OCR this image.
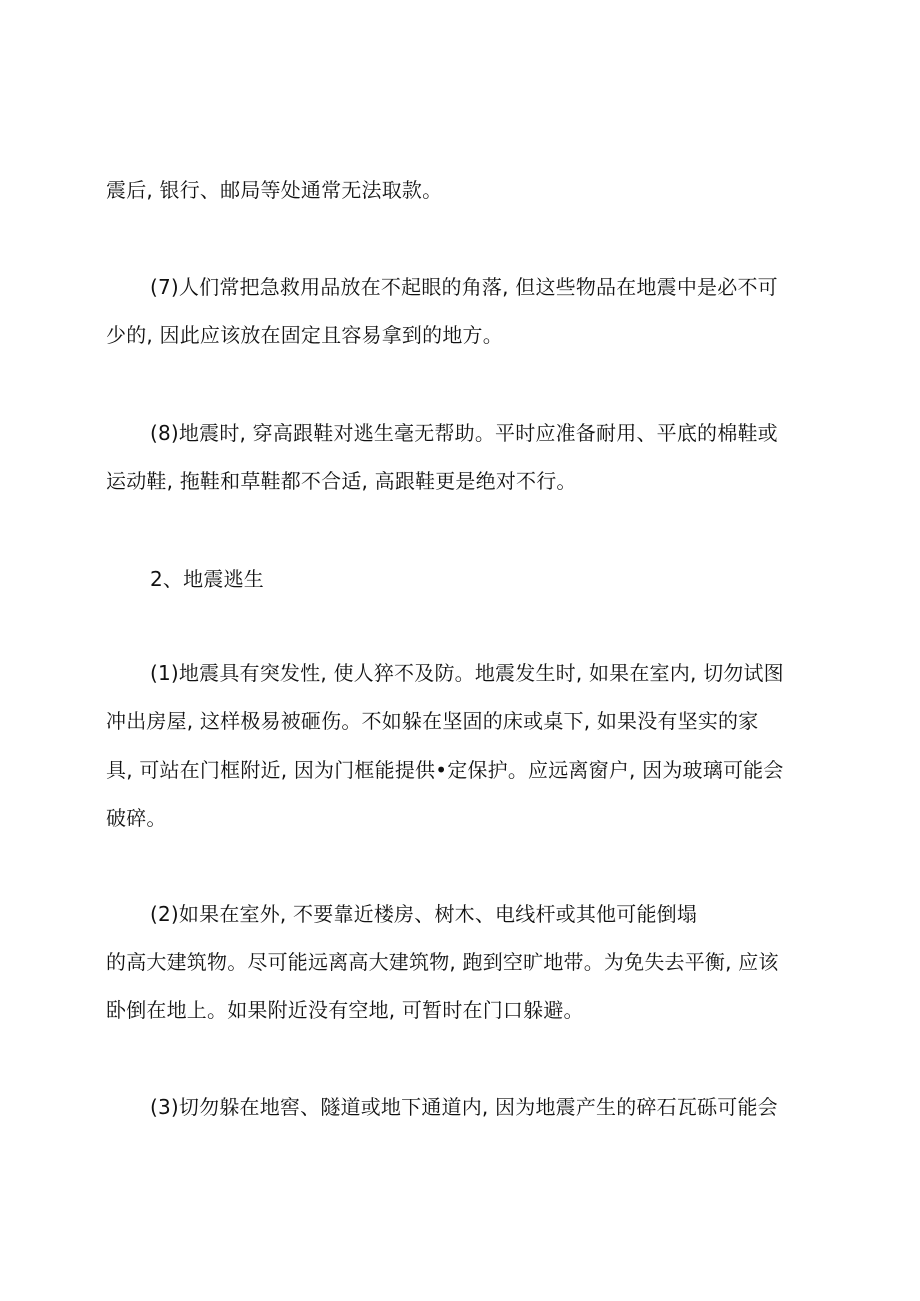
震后, 银行、邮局等处通常无法取款。
(7)人们常把急救用品放在不起眼的角落, 但这些物品在地震中是必不可
少的, 因此应该放在固定且容易拿到的地方。
(8)地震时, 穿高跟鞋对逃生毫无帮助。平时应准备耐用、平底的棉鞋或
运动鞋, 拖鞋和草鞋都不合适, 高跟鞋更是绝对不行。
2、地震逃生
(1)地震具有突发性, 使人猝不及防。地震发生时, 如果在室内, 切勿试图
冲出房屋, 这样极易被砸伤。不如躲在坚固的床或桌下, 如果没有坚实的家
具, 可站在门框附近, 因为门框能提供•定保护。应远离窗户, 因为玻璃可能会
破碎。
(2)如果在室外, 不要靠近楼房、树木、电线杆或其他可能倒塌
的高大建筑物。尽可能远离高大建筑物, 跑到空旷地带。为免失去平衡, 应该
卧倒在地上。如果附近没有空地, 可暂时在门口躲避。
(3)切勿躲在地窖、隧道或地下通道内, 因为地震产生的碎石瓦砾可能会
